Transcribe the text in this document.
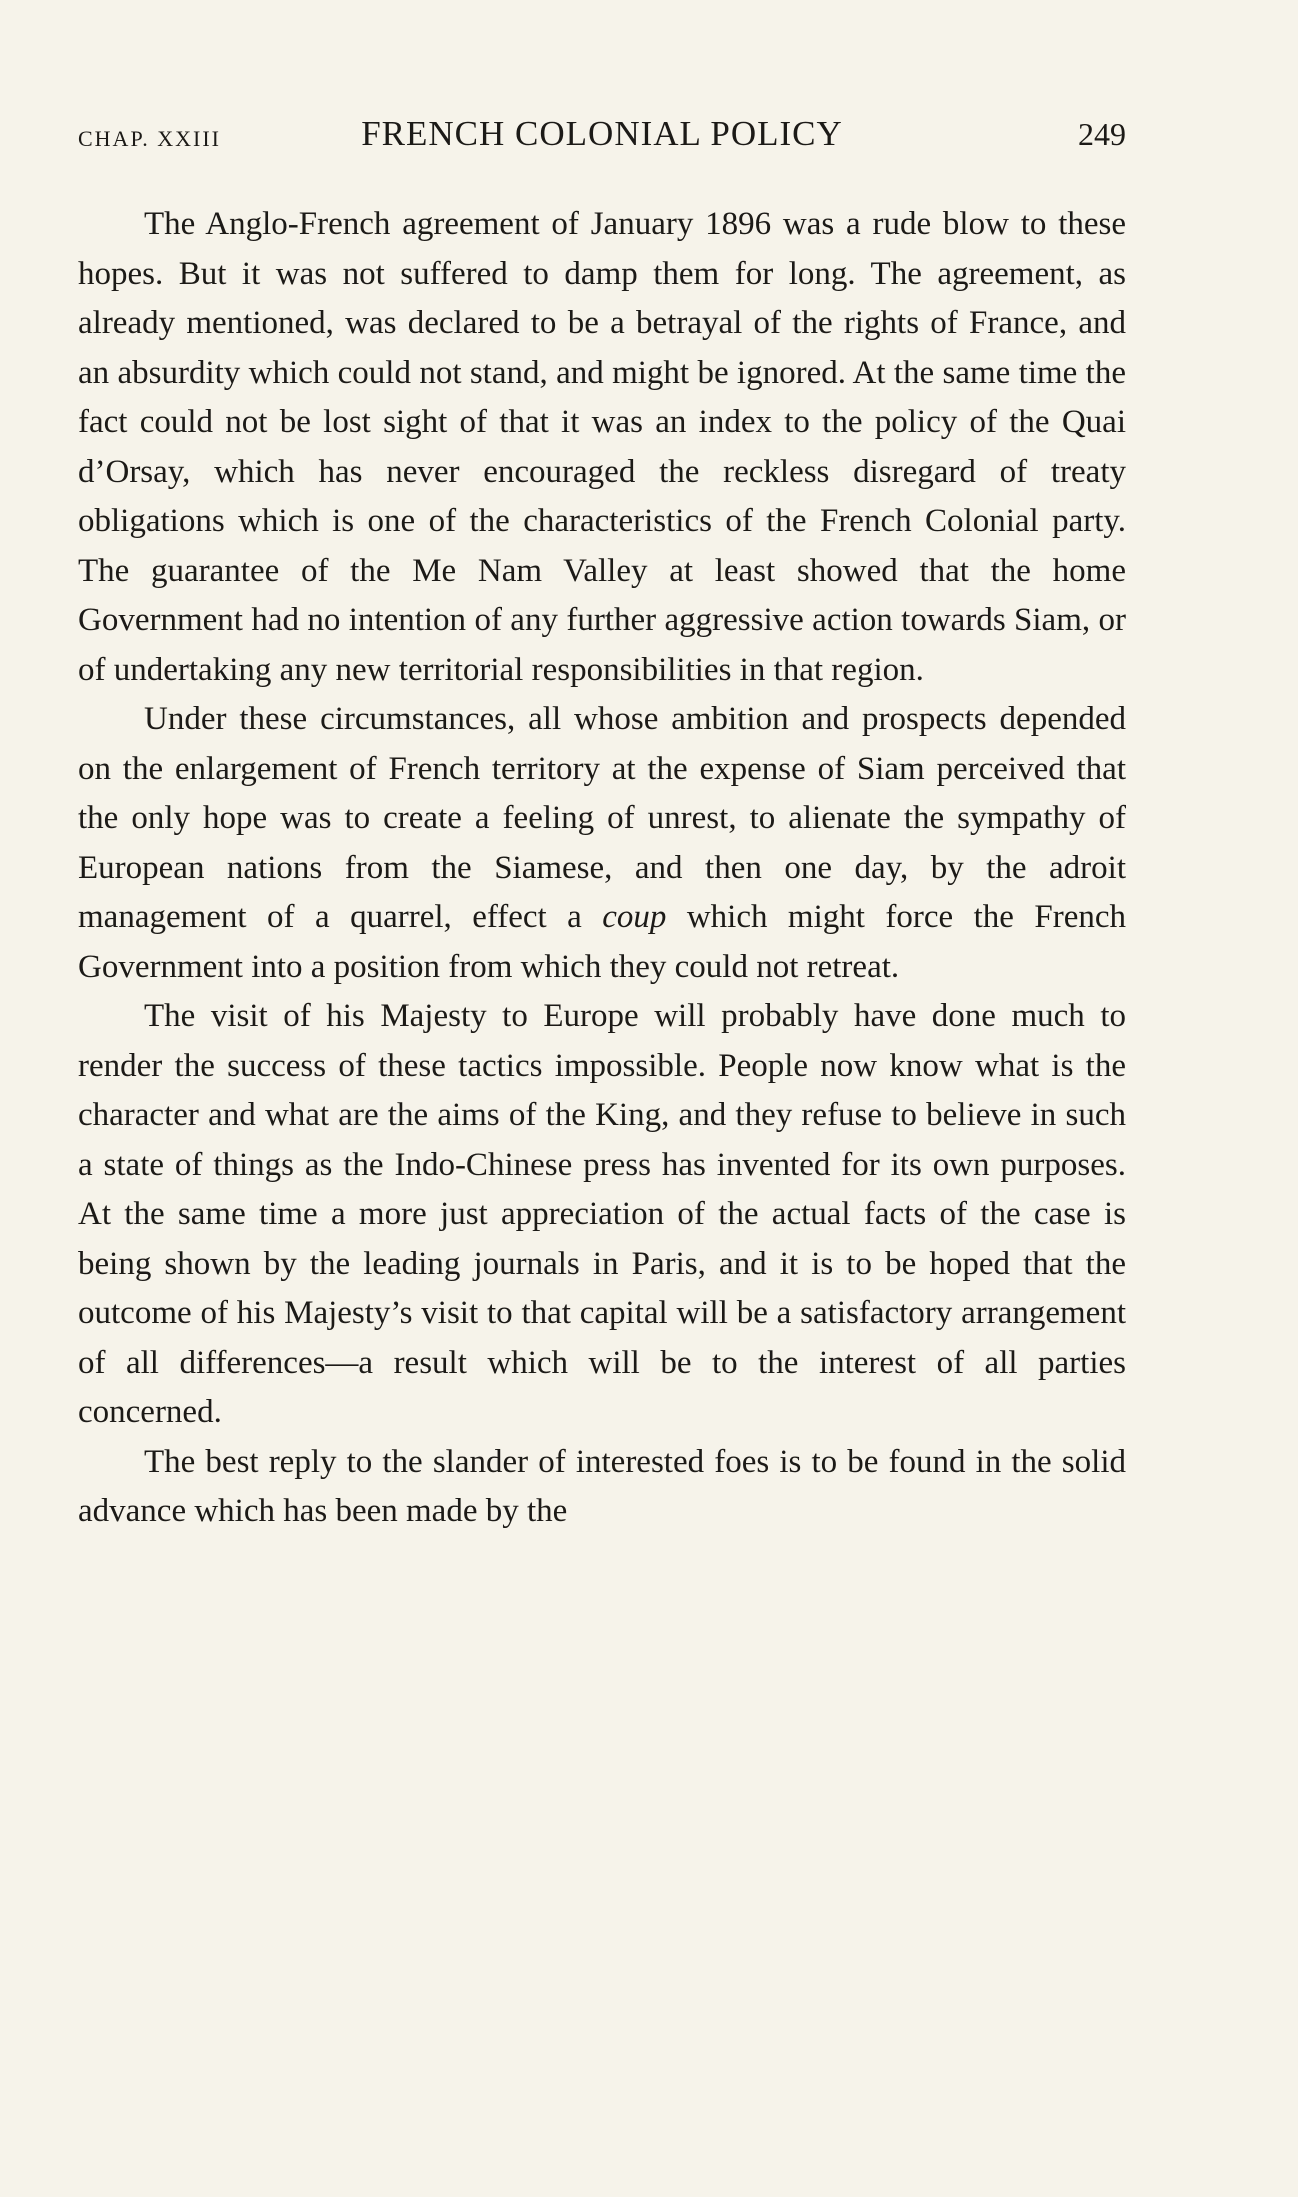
CHAP. XXIII	FRENCH COLONIAL POLICY	249

The Anglo-French agreement of January 1896 was a rude blow to these hopes. But it was not suffered to damp them for long. The agreement, as already mentioned, was declared to be a betrayal of the rights of France, and an absurdity which could not stand, and might be ignored. At the same time the fact could not be lost sight of that it was an index to the policy of the Quai d’Orsay, which has never encouraged the reckless disregard of treaty obligations which is one of the characteristics of the French Colonial party. The guarantee of the Me Nam Valley at least showed that the home Government had no intention of any further aggressive action towards Siam, or of undertaking any new territorial responsibilities in that region.

Under these circumstances, all whose ambition and prospects depended on the enlargement of French territory at the expense of Siam perceived that the only hope was to create a feeling of unrest, to alienate the sympathy of European nations from the Siamese, and then one day, by the adroit management of a quarrel, effect a coup which might force the French Government into a position from which they could not retreat.

The visit of his Majesty to Europe will probably have done much to render the success of these tactics impossible. People now know what is the character and what are the aims of the King, and they refuse to believe in such a state of things as the Indo-Chinese press has invented for its own purposes. At the same time a more just appreciation of the actual facts of the case is being shown by the leading journals in Paris, and it is to be hoped that the outcome of his Majesty’s visit to that capital will be a satisfactory arrangement of all differences—a result which will be to the interest of all parties concerned.

The best reply to the slander of interested foes is to be found in the solid advance which has been made by the
